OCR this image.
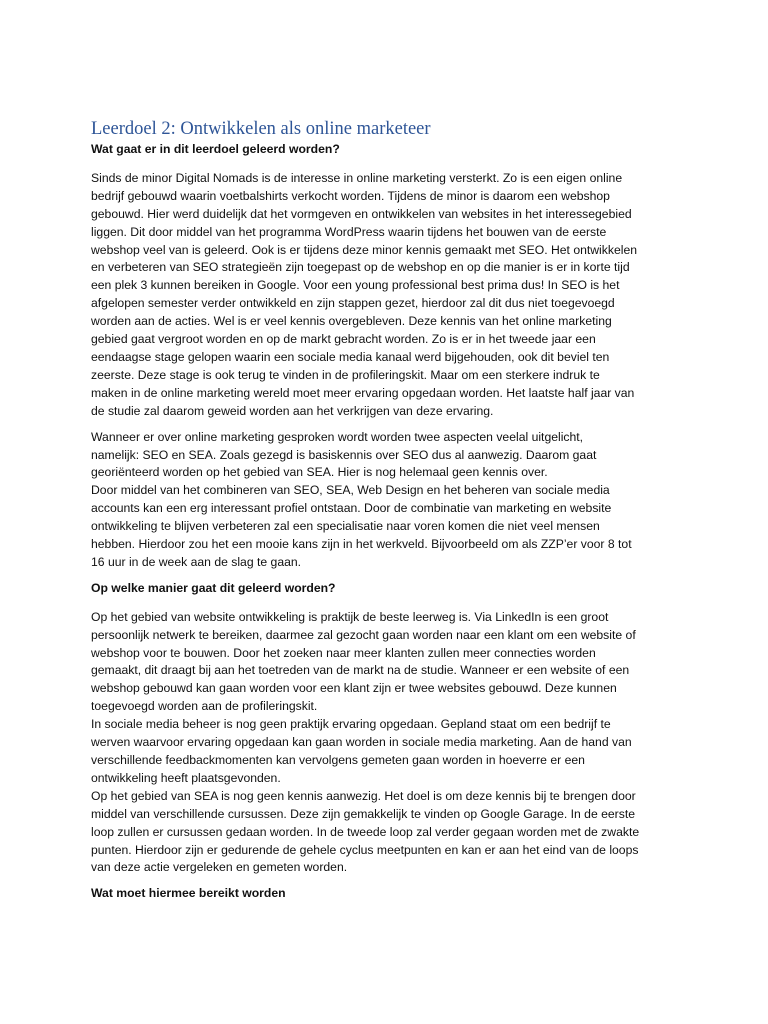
Leerdoel 2: Ontwikkelen als online marketeer
Wat gaat er in dit leerdoel geleerd worden?
Sinds de minor Digital Nomads is de interesse in online marketing versterkt. Zo is een eigen online
bedrijf gebouwd waarin voetbalshirts verkocht worden. Tijdens de minor is daarom een webshop
gebouwd. Hier werd duidelijk dat het vormgeven en ontwikkelen van websites in het interessegebied
liggen. Dit door middel van het programma WordPress waarin tijdens het bouwen van de eerste
webshop veel van is geleerd. Ook is er tijdens deze minor kennis gemaakt met SEO. Het ontwikkelen
en verbeteren van SEO strategieën zijn toegepast op de webshop en op die manier is er in korte tijd
een plek 3 kunnen bereiken in Google. Voor een young professional best prima dus! In SEO is het
afgelopen semester verder ontwikkeld en zijn stappen gezet, hierdoor zal dit dus niet toegevoegd
worden aan de acties. Wel is er veel kennis overgebleven. Deze kennis van het online marketing
gebied gaat vergroot worden en op de markt gebracht worden. Zo is er in het tweede jaar een
eendaagse stage gelopen waarin een sociale media kanaal werd bijgehouden, ook dit beviel ten
zeerste. Deze stage is ook terug te vinden in de profileringskit. Maar om een sterkere indruk te
maken in de online marketing wereld moet meer ervaring opgedaan worden. Het laatste half jaar van
de studie zal daarom geweid worden aan het verkrijgen van deze ervaring.
Wanneer er over online marketing gesproken wordt worden twee aspecten veelal uitgelicht,
namelijk: SEO en SEA. Zoals gezegd is basiskennis over SEO dus al aanwezig. Daarom gaat
georiënteerd worden op het gebied van SEA. Hier is nog helemaal geen kennis over.
Door middel van het combineren van SEO, SEA, Web Design en het beheren van sociale media
accounts kan een erg interessant profiel ontstaan. Door de combinatie van marketing en website
ontwikkeling te blijven verbeteren zal een specialisatie naar voren komen die niet veel mensen
hebben. Hierdoor zou het een mooie kans zijn in het werkveld. Bijvoorbeeld om als ZZP’er voor 8 tot
16 uur in de week aan de slag te gaan.
Op welke manier gaat dit geleerd worden?
Op het gebied van website ontwikkeling is praktijk de beste leerweg is. Via LinkedIn is een groot
persoonlijk netwerk te bereiken, daarmee zal gezocht gaan worden naar een klant om een website of
webshop voor te bouwen. Door het zoeken naar meer klanten zullen meer connecties worden
gemaakt, dit draagt bij aan het toetreden van de markt na de studie. Wanneer er een website of een
webshop gebouwd kan gaan worden voor een klant zijn er twee websites gebouwd. Deze kunnen
toegevoegd worden aan de profileringskit.
In sociale media beheer is nog geen praktijk ervaring opgedaan. Gepland staat om een bedrijf te
werven waarvoor ervaring opgedaan kan gaan worden in sociale media marketing. Aan de hand van
verschillende feedbackmomenten kan vervolgens gemeten gaan worden in hoeverre er een
ontwikkeling heeft plaatsgevonden.
Op het gebied van SEA is nog geen kennis aanwezig. Het doel is om deze kennis bij te brengen door
middel van verschillende cursussen. Deze zijn gemakkelijk te vinden op Google Garage. In de eerste
loop zullen er cursussen gedaan worden. In de tweede loop zal verder gegaan worden met de zwakte
punten. Hierdoor zijn er gedurende de gehele cyclus meetpunten en kan er aan het eind van de loops
van deze actie vergeleken en gemeten worden.
Wat moet hiermee bereikt worden
